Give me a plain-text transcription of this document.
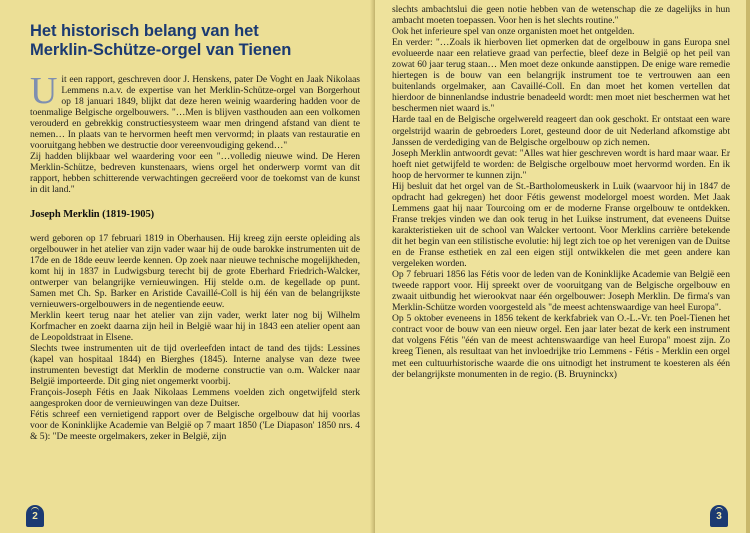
Het historisch belang van het
Merklin-Schütze-orgel van Tienen
U it een rapport, geschreven door J. Henskens, pater De Voght en Jaak Nikolaas Lemmens n.a.v. de expertise van het Merklin-Schütze-orgel van Borgerhout op 18 januari 1849, blijkt dat deze heren weinig waardering hadden voor de toenmalige Belgische orgelbouwers. "…Men is blijven vasthouden aan een volkomen verouderd en gebrekkig constructiesysteem waar men dringend afstand van dient te nemen… In plaats van te hervormen heeft men vervormd; in plaats van restauratie en vooruitgang hebben we destructie door vereenvoudiging gekend…"

Zij hadden blijkbaar wel waardering voor een "…volledig nieuwe wind. De Heren Merklin-Schütze, bedreven kunstenaars, wiens orgel het onderwerp vormt van dit rapport, hebben schitterende verwachtingen gecreëerd voor de toekomst van de kunst in dit land."

Joseph Merklin (1819-1905)

werd geboren op 17 februari 1819 in Oberhausen. Hij kreeg zijn eerste opleiding als orgelbouwer in het atelier van zijn vader waar hij de oude barokke instrumenten uit de 17de en de 18de eeuw leerde kennen. Op zoek naar nieuwe technische mogelijkheden, komt hij in 1837 in Ludwigsburg terecht bij de grote Eberhard Friedrich-Walcker, ontwerper van belangrijke vernieuwingen. Hij stelde o.m. de kegellade op punt. Samen met Ch. Sp. Barker en Aristide Cavaillé-Coll is hij één van de belangrijkste vernieuwers-orgelbouwers in de negentiende eeuw.

Merklin keert terug naar het atelier van zijn vader, werkt later nog bij Wilhelm Korfmacher en zoekt daarna zijn heil in België waar hij in 1843 een atelier opent aan de Leopoldstraat in Elsene.

Slechts twee instrumenten uit de tijd overleefden intact de tand des tijds: Lessines (kapel van hospitaal 1844) en Bierghes (1845). Interne analyse van deze twee instrumenten bevestigt dat Merklin de moderne constructie van o.m. Walcker naar België importeerde. Dit ging niet ongemerkt voorbij.

François-Joseph Fétis en Jaak Nikolaas Lemmens voelden zich ongetwijfeld sterk aangesproken door de vernieuwingen van deze Duitser.

Fétis schreef een vernietigend rapport over de Belgische orgelbouw dat hij voorlas voor de Koninklijke Academie van België op 7 maart 1850 ('Le Diapason' 1850 nrs. 4 & 5): "De meeste orgelmakers, zeker in België, zijn

2

slechts ambachtslui die geen notie hebben van de wetenschap die ze dagelijks in hun ambacht moeten toepassen. Voor hen is het slechts routine."

Ook het inferieure spel van onze organisten moet het ontgelden.

En verder: "…Zoals ik hierboven liet opmerken dat de orgelbouw in gans Europa snel evolueerde naar een relatieve graad van perfectie, bleef deze in België op het peil van zowat 60 jaar terug staan… Men moet deze onkunde aanstippen. De enige ware remedie hiertegen is de bouw van een belangrijk instrument toe te vertrouwen aan een buitenlands orgelmaker, aan Cavaillé-Coll. En dan moet het komen vertellen dat hierdoor de binnenlandse industrie benadeeld wordt: men moet niet beschermen wat het beschermen niet waard is."

Harde taal en de Belgische orgelwereld reageert dan ook geschokt. Er ontstaat een ware orgelstrijd waarin de gebroeders Loret, gesteund door de uit Nederland afkomstige abt Janssen de verdediging van de Belgische orgelbouw op zich nemen.

Joseph Merklin antwoordt gevat: "Alles wat hier geschreven wordt is hard maar waar. Er hoeft niet getwijfeld te worden: de Belgische orgelbouw moet hervormd worden. En ik hoop de hervormer te kunnen zijn."

Hij besluit dat het orgel van de St.-Bartholomeuskerk in Luik (waarvoor hij in 1847 de opdracht had gekregen) het door Fétis gewenst modelorgel moest worden. Met Jaak Lemmens gaat hij naar Tourcoing om er de moderne Franse orgelbouw te ontdekken. Franse trekjes vinden we dan ook terug in het Luikse instrument, dat eveneens Duitse karakteristieken uit de school van Walcker vertoont. Voor Merklins carrière betekende dit het begin van een stilistische evolutie: hij legt zich toe op het verenigen van de Duitse en de Franse esthetiek en zal een eigen stijl ontwikkelen die met geen andere kan vergeleken worden.

Op 7 februari 1856 las Fétis voor de leden van de Koninklijke Academie van België een tweede rapport voor. Hij spreekt over de vooruitgang van de Belgische orgelbouw en zwaait uitbundig het wierookvat naar één orgelbouwer: Joseph Merklin. De firma's van Merklin-Schütze worden voorgesteld als "de meest achtenswaardige van heel Europa".

Op 5 oktober eveneens in 1856 tekent de kerkfabriek van O.-L.-Vr. ten Poel-Tienen het contract voor de bouw van een nieuw orgel. Een jaar later bezat de kerk een instrument dat volgens Fétis "één van de meest achtenswaardige van heel Europa" moest zijn. Zo kreeg Tienen, als resultaat van het invloedrijke trio Lemmens - Fétis - Merklin een orgel met een cultuurhistorische waarde die ons uitnodigt het instrument te koesteren als één der belangrijkste monumenten in de regio. (B. Bruyninckx)

3
